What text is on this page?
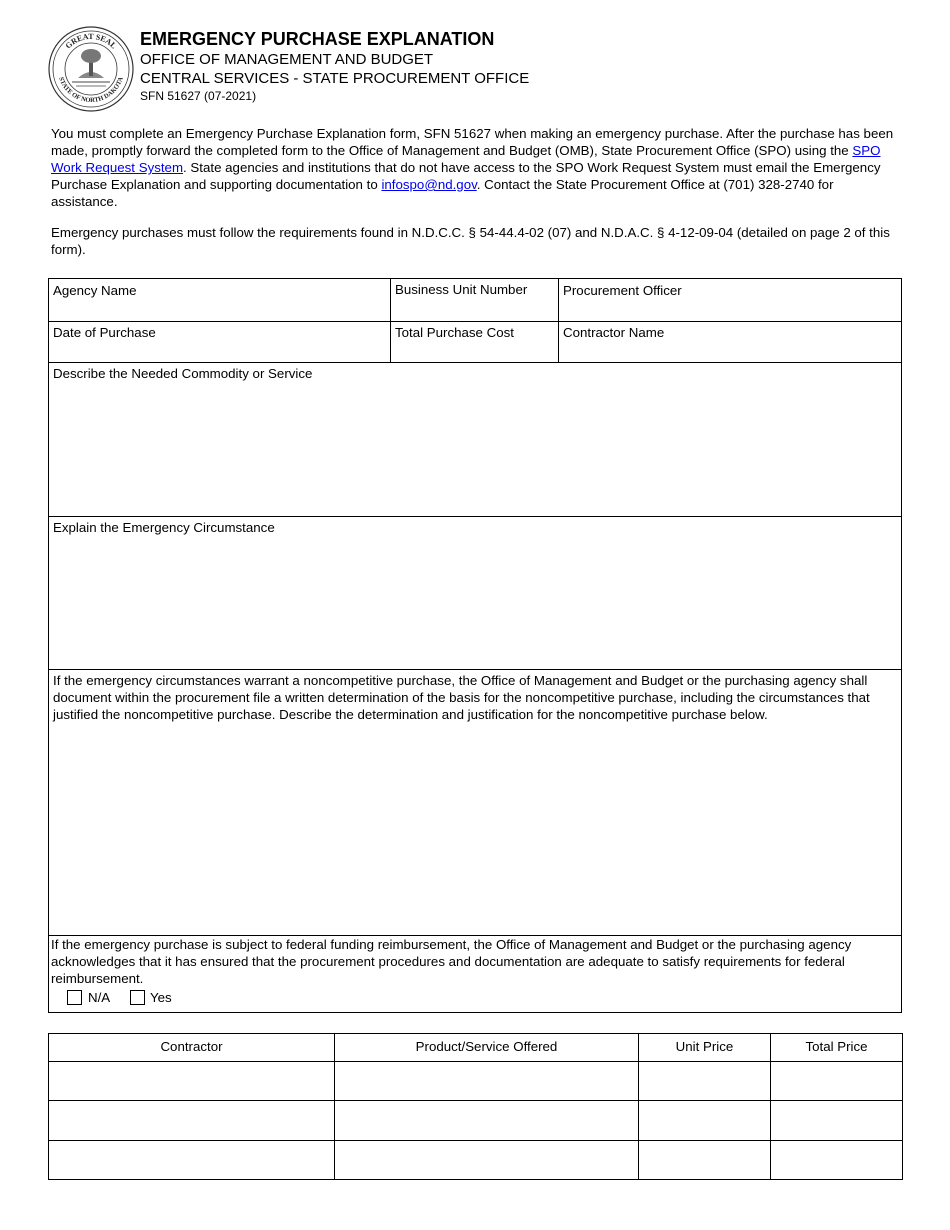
GREAT SEAL
STATE OF NORTH DAKOTA
EMERGENCY PURCHASE EXPLANATION
OFFICE OF MANAGEMENT AND BUDGET
CENTRAL SERVICES - STATE PROCUREMENT OFFICE
SFN 51627 (07-2021)

You must complete an Emergency Purchase Explanation form, SFN 51627 when making an emergency purchase. After the purchase has been made, promptly forward the completed form to the Office of Management and Budget (OMB), State Procurement Office (SPO) using the SPO Work Request System. State agencies and institutions that do not have access to the SPO Work Request System must email the Emergency Purchase Explanation and supporting documentation to infospo@nd.gov. Contact the State Procurement Office at (701) 328-2740 for assistance.

Emergency purchases must follow the requirements found in N.D.C.C. § 54-44.4-02 (07) and N.D.A.C. § 4-12-09-04 (detailed on page 2 of this form).

Agency Name	Business Unit Number	Procurement Officer
Date of Purchase	Total Purchase Cost	Contractor Name
Describe the Needed Commodity or Service
Explain the Emergency Circumstance
If the emergency circumstances warrant a noncompetitive purchase, the Office of Management and Budget or the purchasing agency shall document within the procurement file a written determination of the basis for the noncompetitive purchase, including the circumstances that justified the noncompetitive purchase. Describe the determination and justification for the noncompetitive purchase below.
If the emergency purchase is subject to federal funding reimbursement, the Office of Management and Budget or the purchasing agency acknowledges that it has ensured that the procurement procedures and documentation are adequate to satisfy requirements for federal reimbursement.
N/A	Yes
Contractor	Product/Service Offered	Unit Price	Total Price
